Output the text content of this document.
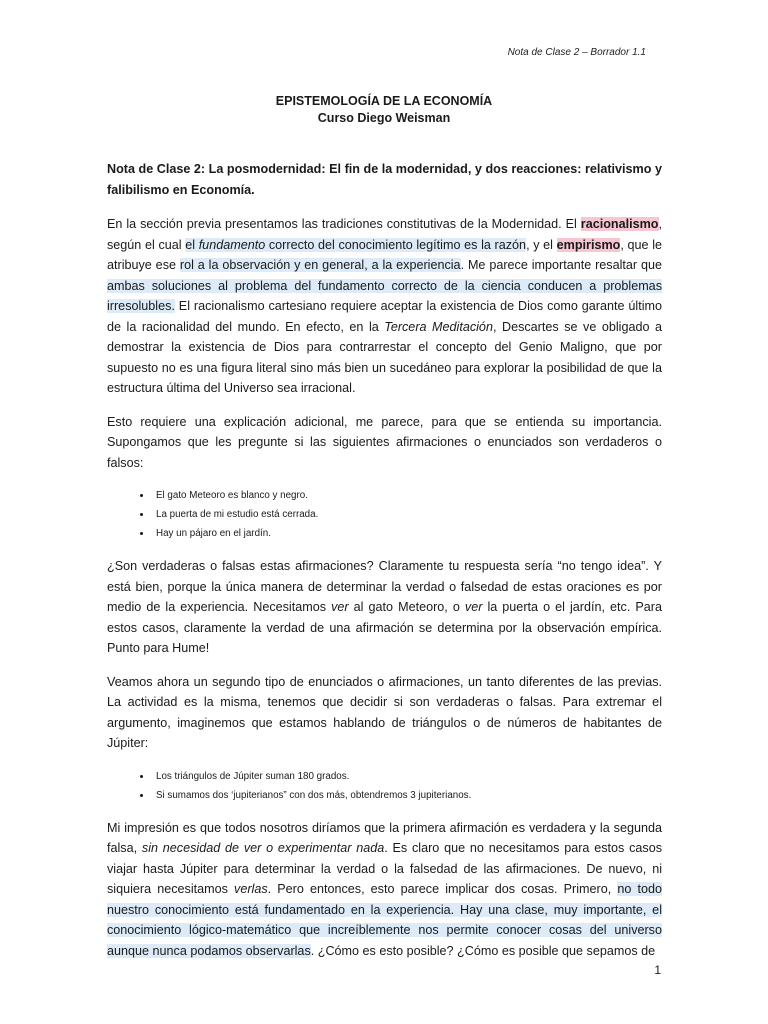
Nota de Clase 2 – Borrador 1.1
EPISTEMOLOGÍA DE LA ECONOMÍA
Curso Diego Weisman

Nota de Clase 2: La posmodernidad: El fin de la modernidad, y dos reacciones: relativismo y falibilismo en Economía.

En la sección previa presentamos las tradiciones constitutivas de la Modernidad. El racionalismo, según el cual el fundamento correcto del conocimiento legítimo es la razón, y el empirismo, que le atribuye ese rol a la observación y en general, a la experiencia. Me parece importante resaltar que ambas soluciones al problema del fundamento correcto de la ciencia conducen a problemas irresolubles. El racionalismo cartesiano requiere aceptar la existencia de Dios como garante último de la racionalidad del mundo. En efecto, en la Tercera Meditación, Descartes se ve obligado a demostrar la existencia de Dios para contrarrestar el concepto del Genio Maligno, que por supuesto no es una figura literal sino más bien un sucedáneo para explorar la posibilidad de que la estructura última del Universo sea irracional.

Esto requiere una explicación adicional, me parece, para que se entienda su importancia. Supongamos que les pregunte si las siguientes afirmaciones o enunciados son verdaderos o falsos:

• El gato Meteoro es blanco y negro.
• La puerta de mi estudio está cerrada.
• Hay un pájaro en el jardín.

¿Son verdaderas o falsas estas afirmaciones? Claramente tu respuesta sería “no tengo idea”. Y está bien, porque la única manera de determinar la verdad o falsedad de estas oraciones es por medio de la experiencia. Necesitamos ver al gato Meteoro, o ver la puerta o el jardín, etc. Para estos casos, claramente la verdad de una afirmación se determina por la observación empírica. Punto para Hume!

Veamos ahora un segundo tipo de enunciados o afirmaciones, un tanto diferentes de las previas. La actividad es la misma, tenemos que decidir si son verdaderas o falsas. Para extremar el argumento, imaginemos que estamos hablando de triángulos o de números de habitantes de Júpiter:

• Los triángulos de Júpiter suman 180 grados.
• Si sumamos dos ‘jupiterianos” con dos más, obtendremos 3 jupiterianos.

Mi impresión es que todos nosotros diríamos que la primera afirmación es verdadera y la segunda falsa, sin necesidad de ver o experimentar nada. Es claro que no necesitamos para estos casos viajar hasta Júpiter para determinar la verdad o la falsedad de las afirmaciones. De nuevo, ni siquiera necesitamos verlas. Pero entonces, esto parece implicar dos cosas. Primero, no todo nuestro conocimiento está fundamentado en la experiencia. Hay una clase, muy importante, el conocimiento lógico-matemático que increíblemente nos permite conocer cosas del universo aunque nunca podamos observarlas. ¿Cómo es esto posible? ¿Cómo es posible que sepamos de

1
